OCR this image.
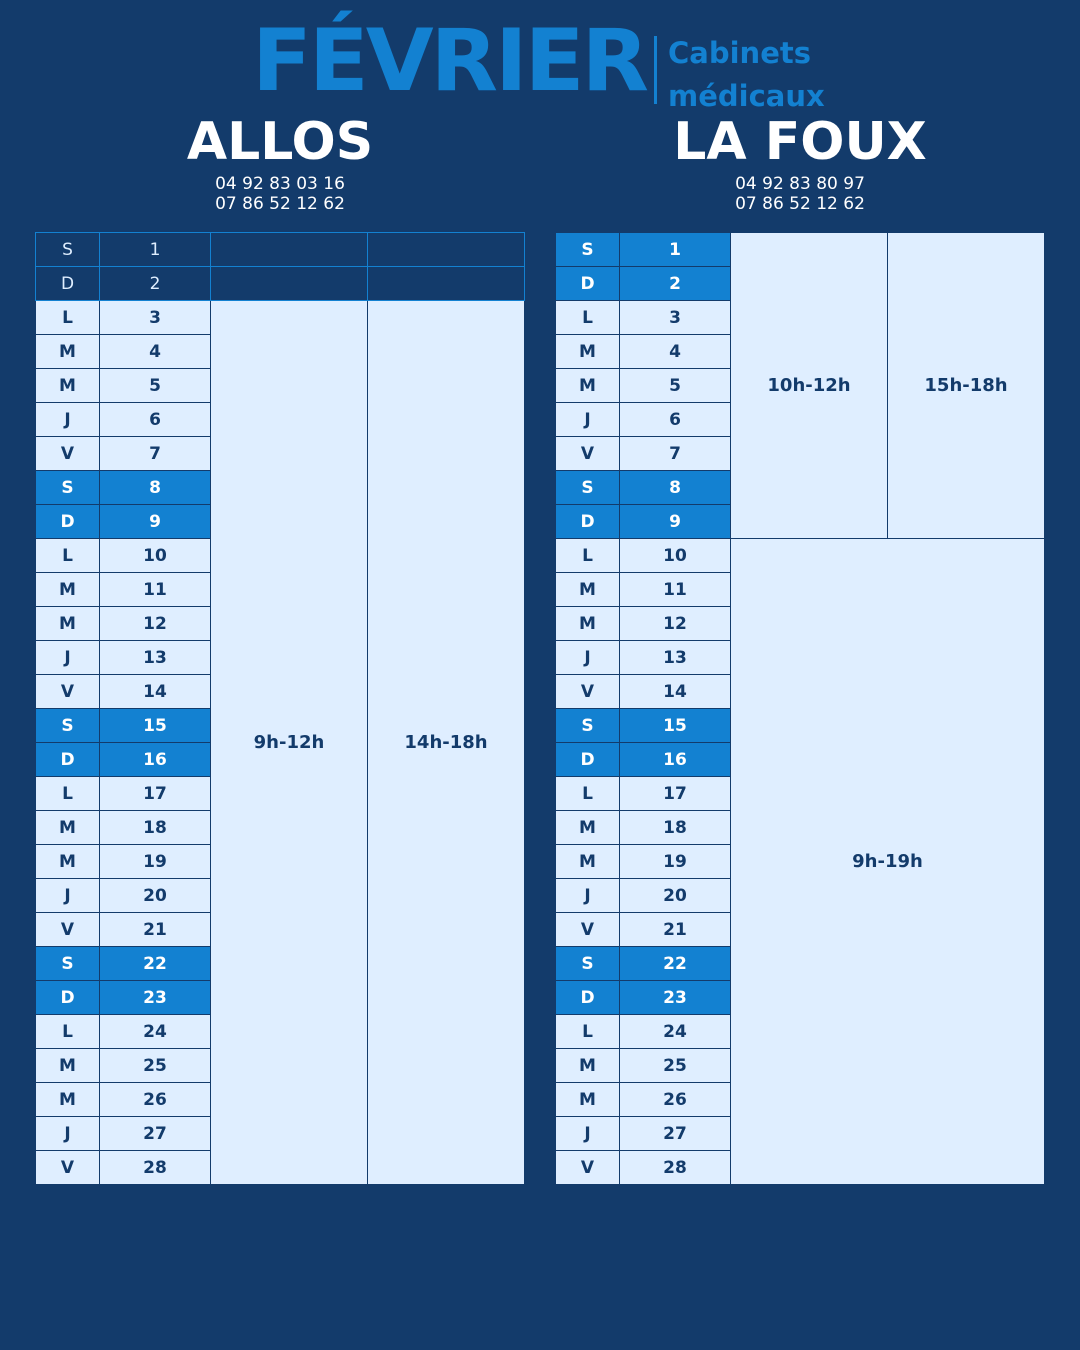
FÉVRIER Cabinets
médicaux
ALLOS
04 92 83 03 16
07 86 52 12 62
LA FOUX
04 92 83 80 97
07 86 52 12 62
S	1		
D	2		
L	3	9h-12h	14h-18h
M	4		
M	5		
J	6		
V	7		
S	8		
D	9		
L	10		
M	11		
M	12		
J	13		
V	14		
S	15		
D	16		
L	17		
M	18		
M	19		
J	20		
V	21		
S	22		
D	23		
L	24		
M	25		
M	26		
J	27		
V	28		
S	1	10h-12h	15h-18h
D	2		
L	3		
M	4		
M	5		
J	6		
V	7		
S	8		
D	9		
L	10	9h-19h	
M	11		
M	12		
J	13		
V	14		
S	15		
D	16		
L	17		
M	18		
M	19		
J	20		
V	21		
S	22		
D	23		
L	24		
M	25		
M	26		
J	27		
V	28		
